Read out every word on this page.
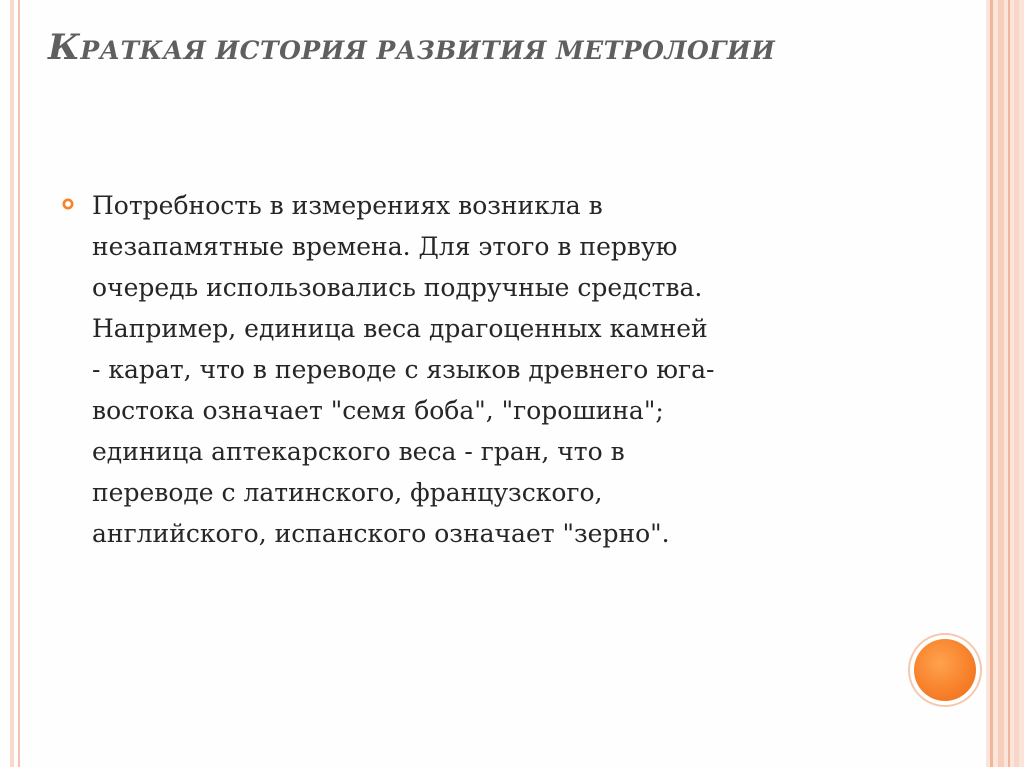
КРАТКАЯ ИСТОРИЯ РАЗВИТИЯ МЕТРОЛОГИИ

Потребность в измерениях возникла в
незапамятные времена. Для этого в первую
очередь использовались подручные средства.
Например, единица веса драгоценных камней
- карат, что в переводе с языков древнего юга-
востока означает "семя боба", "горошина";
единица аптекарского веса - гран, что в
переводе с латинского, французского,
английского, испанского означает "зерно".
